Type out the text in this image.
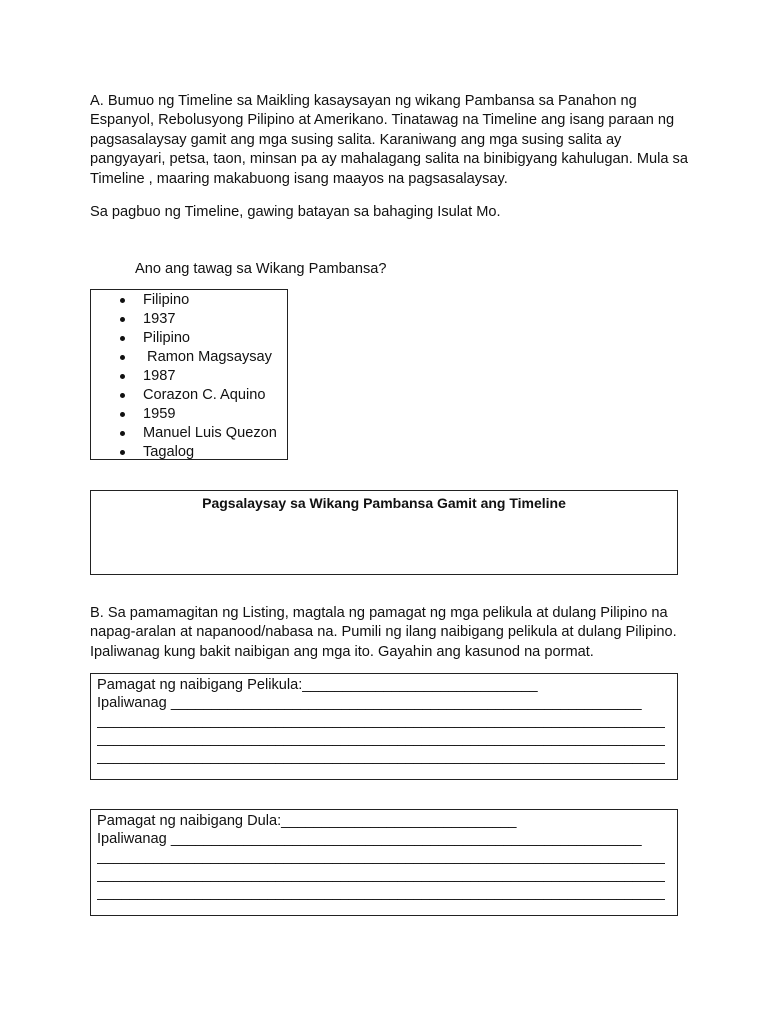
A. Bumuo ng Timeline sa Maikling kasaysayan ng wikang Pambansa sa Panahon ng Espanyol, Rebolusyong Pilipino at Amerikano. Tinatawag na Timeline ang isang paraan ng pagsasalaysay gamit ang mga susing salita. Karaniwang ang mga susing salita ay pangyayari, petsa, taon, minsan pa ay mahalagang salita na binibigyang kahulugan. Mula sa Timeline , maaring makabuong isang maayos na pagsasalaysay.

Sa pagbuo ng Timeline, gawing batayan sa bahaging Isulat Mo.

Ano ang tawag sa Wikang Pambansa?

Filipino
1937
Pilipino
Ramon Magsaysay
1987
Corazon C. Aquino
1959
Manuel Luis Quezon
Tagalog
Pagsalaysay sa Wikang Pambansa Gamit ang Timeline

B. Sa pamamagitan ng Listing, magtala ng pamagat ng mga pelikula at dulang Pilipino na napag-aralan at napanood/nabasa na. Pumili ng ilang naibigang pelikula at dulang Pilipino. Ipaliwanag kung bakit naibigan ang mga ito. Gayahin ang kasunod na pormat.

Pamagat ng naibigang Pelikula:_____________________________
Ipaliwanag __________________________________________________________
______________________________________________________________________
______________________________________________________________________
______________________________________________________________________
Pamagat ng naibigang Dula:_____________________________
Ipaliwanag __________________________________________________________
______________________________________________________________________
______________________________________________________________________
______________________________________________________________________
